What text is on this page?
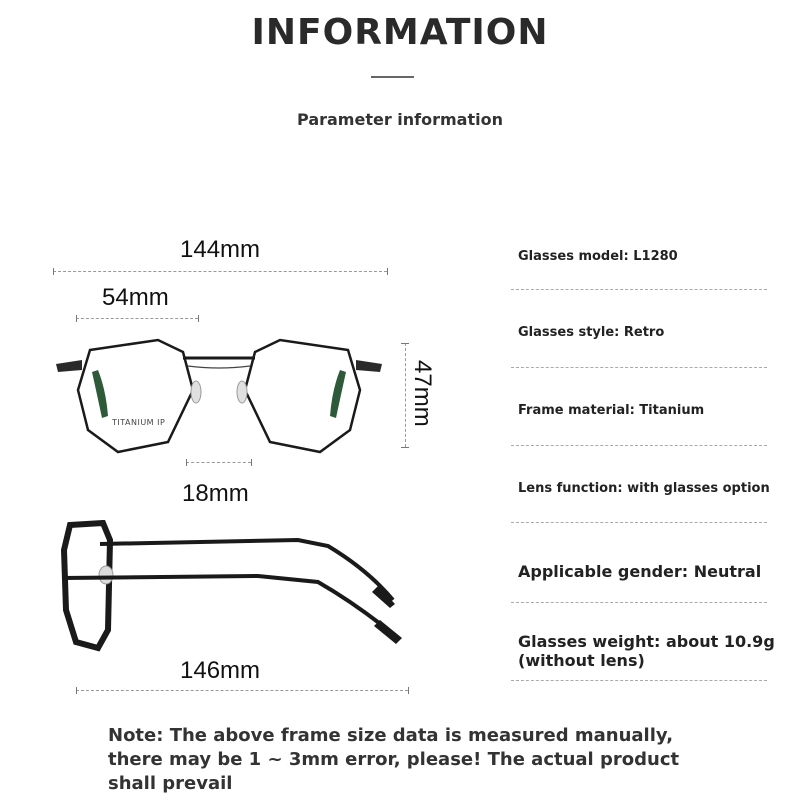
INFORMATION
Parameter information
144mm
54mm
18mm
47mm
TITANIUM IP
146mm
Glasses model: L1280
Glasses style: Retro
Frame material: Titanium
Lens function: with glasses option
Applicable gender: Neutral
Glasses weight: about 10.9g
(without lens)
Note: The above frame size data is measured manually, there may be 1 ~ 3mm error, please! The actual product shall prevail
